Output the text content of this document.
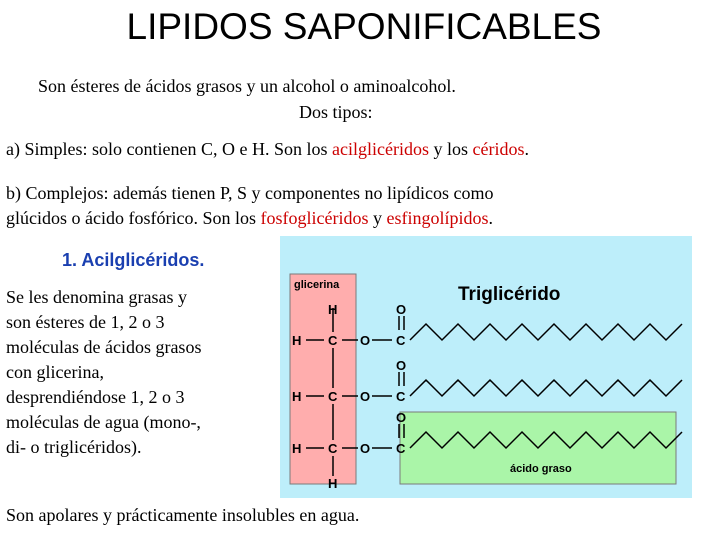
LIPIDOS SAPONIFICABLES
Son ésteres de ácidos grasos y un alcohol o aminoalcohol.
Dos tipos:
a) Simples: solo contienen C, O e H. Son los acilglicéridos y los céridos.
b) Complejos: además tienen P, S y componentes no lipídicos como
glúcidos o ácido fosfórico. Son los fosfoglicéridos y esfingolípidos.
1. Acilglicéridos.
Se les denomina grasas y
son ésteres de 1, 2 o 3
moléculas de ácidos grasos
con glicerina,
desprendiéndose 1, 2 o 3
moléculas de agua (mono-,
di- o triglicéridos).
Son apolares y prácticamente insolubles en agua.
glicerina	Triglicérido
ácido graso
H
H C O
O
C
H C O
O
C
H C O
O
C
H
